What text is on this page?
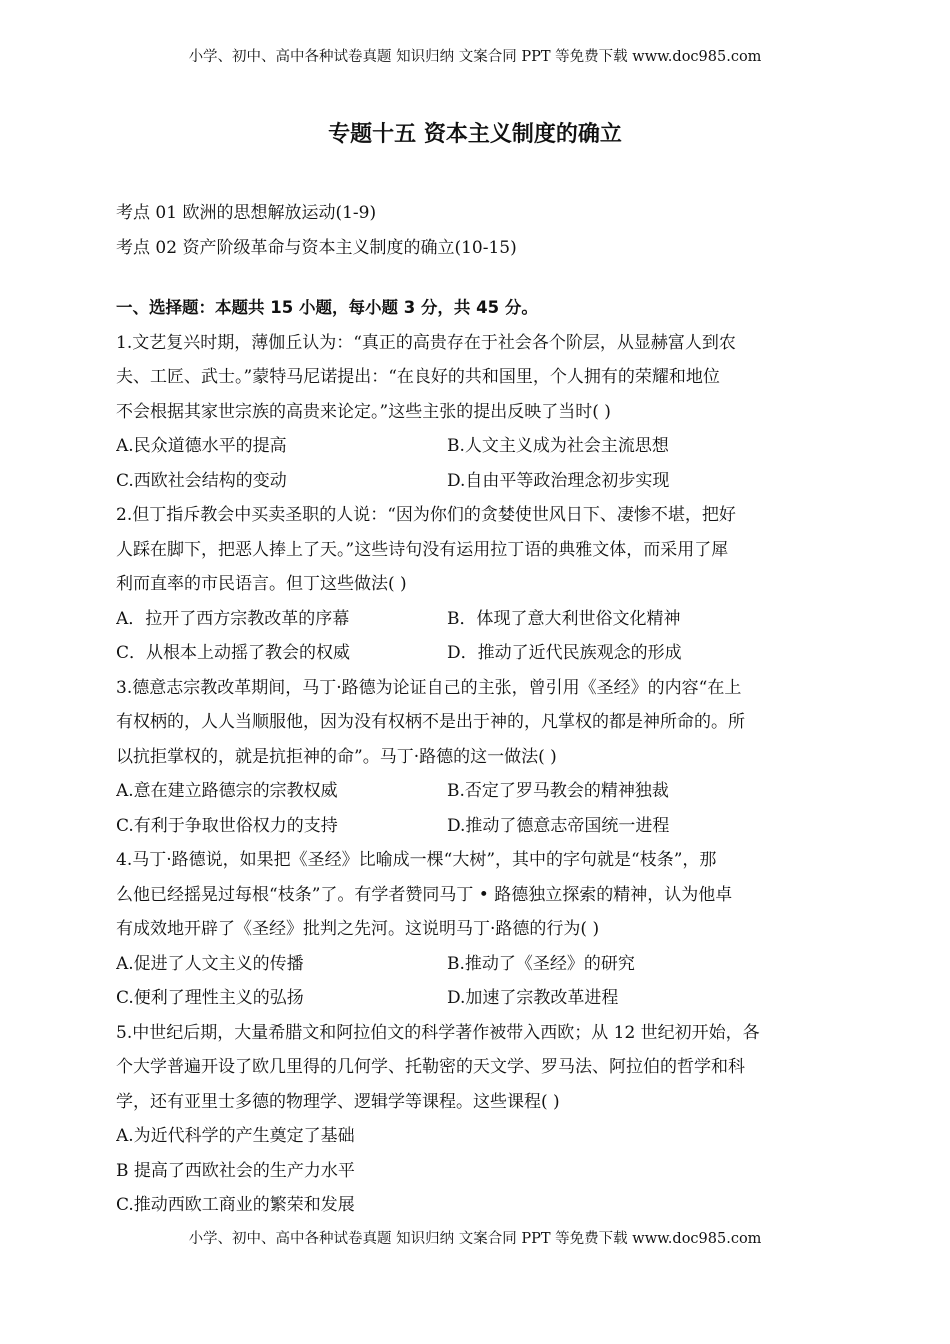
小学、初中、高中各种试卷真题 知识归纳 文案合同 PPT 等免费下载 www.doc985.com
专题十五 资本主义制度的确立
考点 01 欧洲的思想解放运动(1-9)
考点 02 资产阶级革命与资本主义制度的确立(10-15)
一、选择题：本题共 15 小题，每小题 3 分，共 45 分。
1.文艺复兴时期，薄伽丘认为：“真正的高贵存在于社会各个阶层，从显赫富人到农
夫、工匠、武士。”蒙特马尼诺提出：“在良好的共和国里，个人拥有的荣耀和地位
不会根据其家世宗族的高贵来论定。”这些主张的提出反映了当时( )
A.民众道德水平的提高	B.人文主义成为社会主流思想
C.西欧社会结构的变动	D.自由平等政治理念初步实现
2.但丁指斥教会中买卖圣职的人说：“因为你们的贪婪使世风日下、凄惨不堪，把好
人踩在脚下，把恶人捧上了天。”这些诗句没有运用拉丁语的典雅文体，而采用了犀
利而直率的市民语言。但丁这些做法( )
A．拉开了西方宗教改革的序幕	B．体现了意大利世俗文化精神
C．从根本上动摇了教会的权威	D．推动了近代民族观念的形成
3.德意志宗教改革期间，马丁·路德为论证自己的主张，曾引用《圣经》的内容“在上
有权柄的，人人当顺服他，因为没有权柄不是出于神的，凡掌权的都是神所命的。所
以抗拒掌权的，就是抗拒神的命”。马丁·路德的这一做法( )
A.意在建立路德宗的宗教权威	B.否定了罗马教会的精神独裁
C.有利于争取世俗权力的支持	D.推动了德意志帝国统一进程
4.马丁·路德说，如果把《圣经》比喻成一棵“大树”，其中的字句就是“枝条”，那
么他已经摇晃过每根“枝条”了。有学者赞同马丁 • 路德独立探索的精神，认为他卓
有成效地开辟了《圣经》批判之先河。这说明马丁·路德的行为( )
A.促进了人文主义的传播	B.推动了《圣经》的研究
C.便利了理性主义的弘扬	D.加速了宗教改革进程
5.中世纪后期，大量希腊文和阿拉伯文的科学著作被带入西欧；从 12 世纪初开始，各
个大学普遍开设了欧几里得的几何学、托勒密的天文学、罗马法、阿拉伯的哲学和科
学，还有亚里士多德的物理学、逻辑学等课程。这些课程( )
A.为近代科学的产生奠定了基础
B 提高了西欧社会的生产力水平
C.推动西欧工商业的繁荣和发展
小学、初中、高中各种试卷真题 知识归纳 文案合同 PPT 等免费下载 www.doc985.com
